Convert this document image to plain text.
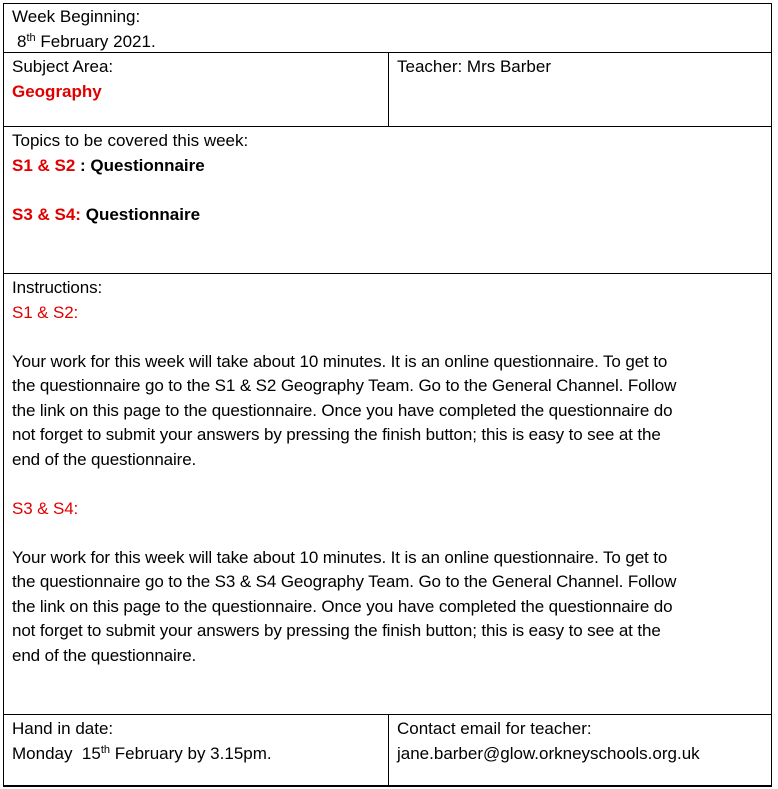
Week Beginning:

8th February 2021.

Subject Area:

Geography

Teacher: Mrs Barber

Topics to be covered this week:

S1 & S2 : Questionnaire

S3 & S4: Questionnaire

Instructions:

S1 & S2:

Your work for this week will take about 10 minutes. It is an online questionnaire. To get to

the questionnaire go to the S1 & S2 Geography Team. Go to the General Channel. Follow

the link on this page to the questionnaire. Once you have completed the questionnaire do

not forget to submit your answers by pressing the finish button; this is easy to see at the

end of the questionnaire.

S3 & S4:

Your work for this week will take about 10 minutes. It is an online questionnaire. To get to

the questionnaire go to the S3 & S4 Geography Team. Go to the General Channel. Follow

the link on this page to the questionnaire. Once you have completed the questionnaire do

not forget to submit your answers by pressing the finish button; this is easy to see at the

end of the questionnaire.

Hand in date:

Monday  15th February by 3.15pm.

Contact email for teacher:

jane.barber@glow.orkneyschools.org.uk
